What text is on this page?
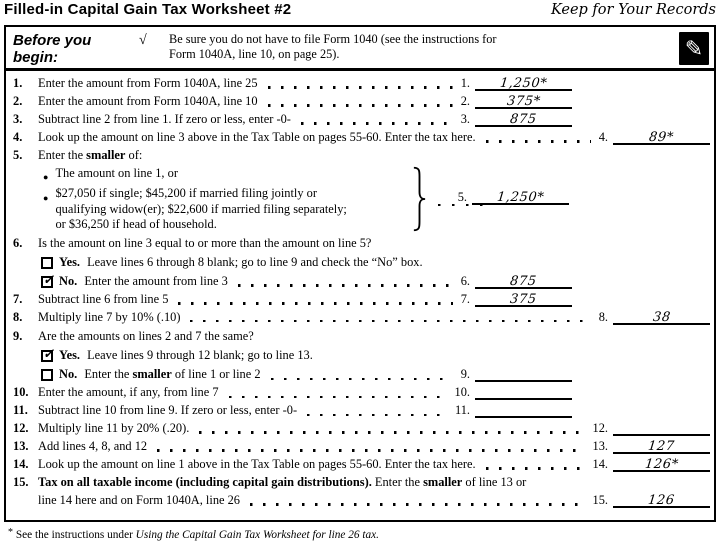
Filled-in Capital Gain Tax Worksheet #2	Keep for Your Records
Before you begin:
√	Be sure you do not have to file Form 1040 (see the instructions for
Form 1040A, line 10, on page 25).	✎
1.	Enter the amount from Form 1040A, line 25	1.	1,250*
2.	Enter the amount from Form 1040A, line 10	2.	375*
3.	Subtract line 2 from line 1. If zero or less, enter -0-	3.	875
4.	Look up the amount on line 3 above in the Tax Table on pages 55-60. Enter the tax here.	4.	89*
5.	Enter the smaller of:
● The amount on line 1, or
● $27,050 if single; $45,200 if married filing jointly or
qualifying widow(er); $22,600 if married filing separately;
or $36,250 if head of household.
5.	1,250*
6.	Is the amount on line 3 equal to or more than the amount on line 5?
Yes. Leave lines 6 through 8 blank; go to line 9 and check the “No” box.
✓ No. Enter the amount from line 3	6.	875
7.	Subtract line 6 from line 5	7.	375
8.	Multiply line 7 by 10% (.10)	8.	38
9.	Are the amounts on lines 2 and 7 the same?
✓ Yes. Leave lines 9 through 12 blank; go to line 13.
No. Enter the smaller of line 1 or line 2	9.
10. Enter the amount, if any, from line 7	10.
11. Subtract line 10 from line 9. If zero or less, enter -0-	11.
12. Multiply line 11 by 20% (.20).	12.
13. Add lines 4, 8, and 12	13.	127
14. Look up the amount on line 1 above in the Tax Table on pages 55-60. Enter the tax here.	14.	126*
15. Tax on all taxable income (including capital gain distributions). Enter the smaller of line 13 or
line 14 here and on Form 1040A, line 26	15.	126
* See the instructions under Using the Capital Gain Tax Worksheet for line 26 tax.
